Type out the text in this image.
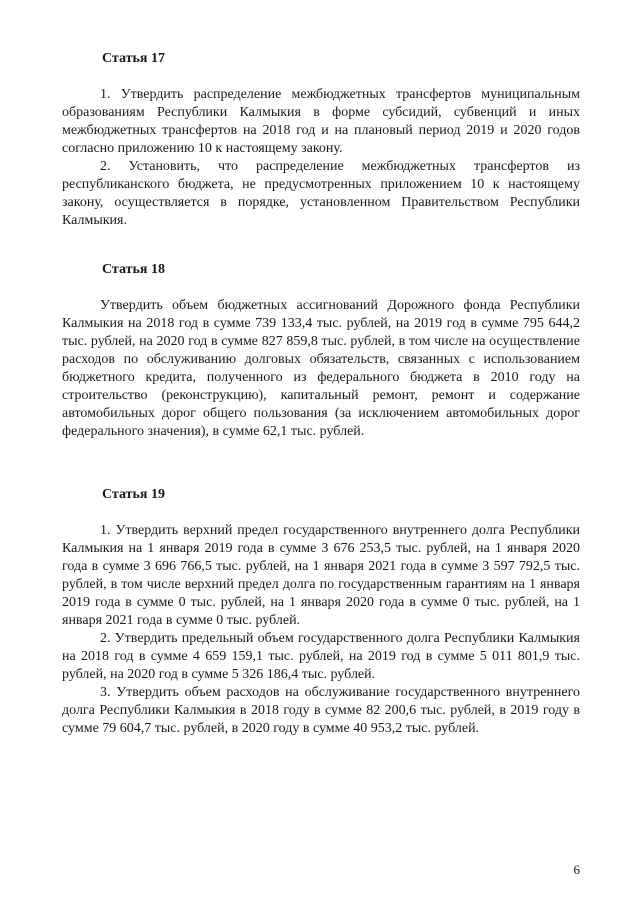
Статья 17

1. Утвердить распределение межбюджетных трансфертов муниципальным образованиям Республики Калмыкия в форме субсидий, субвенций и иных межбюджетных трансфертов на 2018 год и на плановый период 2019 и 2020 годов согласно приложению 10 к настоящему закону.

2. Установить, что распределение межбюджетных трансфертов из республиканского бюджета, не предусмотренных приложением 10 к настоящему закону, осуществляется в порядке, установленном Правительством Республики Калмыкия.

Статья 18

Утвердить объем бюджетных ассигнований Дорожного фонда Республики Калмыкия на 2018 год в сумме 739 133,4 тыс. рублей, на 2019 год в сумме 795 644,2 тыс. рублей, на 2020 год в сумме 827 859,8 тыс. рублей, в том числе на осуществление расходов по обслуживанию долговых обязательств, связанных с использованием бюджетного кредита, полученного из федерального бюджета в 2010 году на строительство (реконструкцию), капитальный ремонт, ремонт и содержание автомобильных дорог общего пользования (за исключением автомобильных дорог федерального значения), в сумме 62,1 тыс. рублей.

Статья 19

1. Утвердить верхний предел государственного внутреннего долга Республики Калмыкия на 1 января 2019 года в сумме 3 676 253,5 тыс. рублей, на 1 января 2020 года в сумме 3 696 766,5 тыс. рублей, на 1 января 2021 года в сумме 3 597 792,5 тыс. рублей, в том числе верхний предел долга по государственным гарантиям на 1 января 2019 года в сумме 0 тыс. рублей, на 1 января 2020 года в сумме 0 тыс. рублей, на 1 января 2021 года в сумме 0 тыс. рублей.

2. Утвердить предельный объем государственного долга Республики Калмыкия на 2018 год в сумме 4 659 159,1 тыс. рублей, на 2019 год в сумме 5 011 801,9 тыс. рублей, на 2020 год в сумме 5 326 186,4 тыс. рублей.

3. Утвердить объем расходов на обслуживание государственного внутреннего долга Республики Калмыкия в 2018 году в сумме 82 200,6 тыс. рублей, в 2019 году в сумме 79 604,7 тыс. рублей, в 2020 году в сумме 40 953,2 тыс. рублей.

6
